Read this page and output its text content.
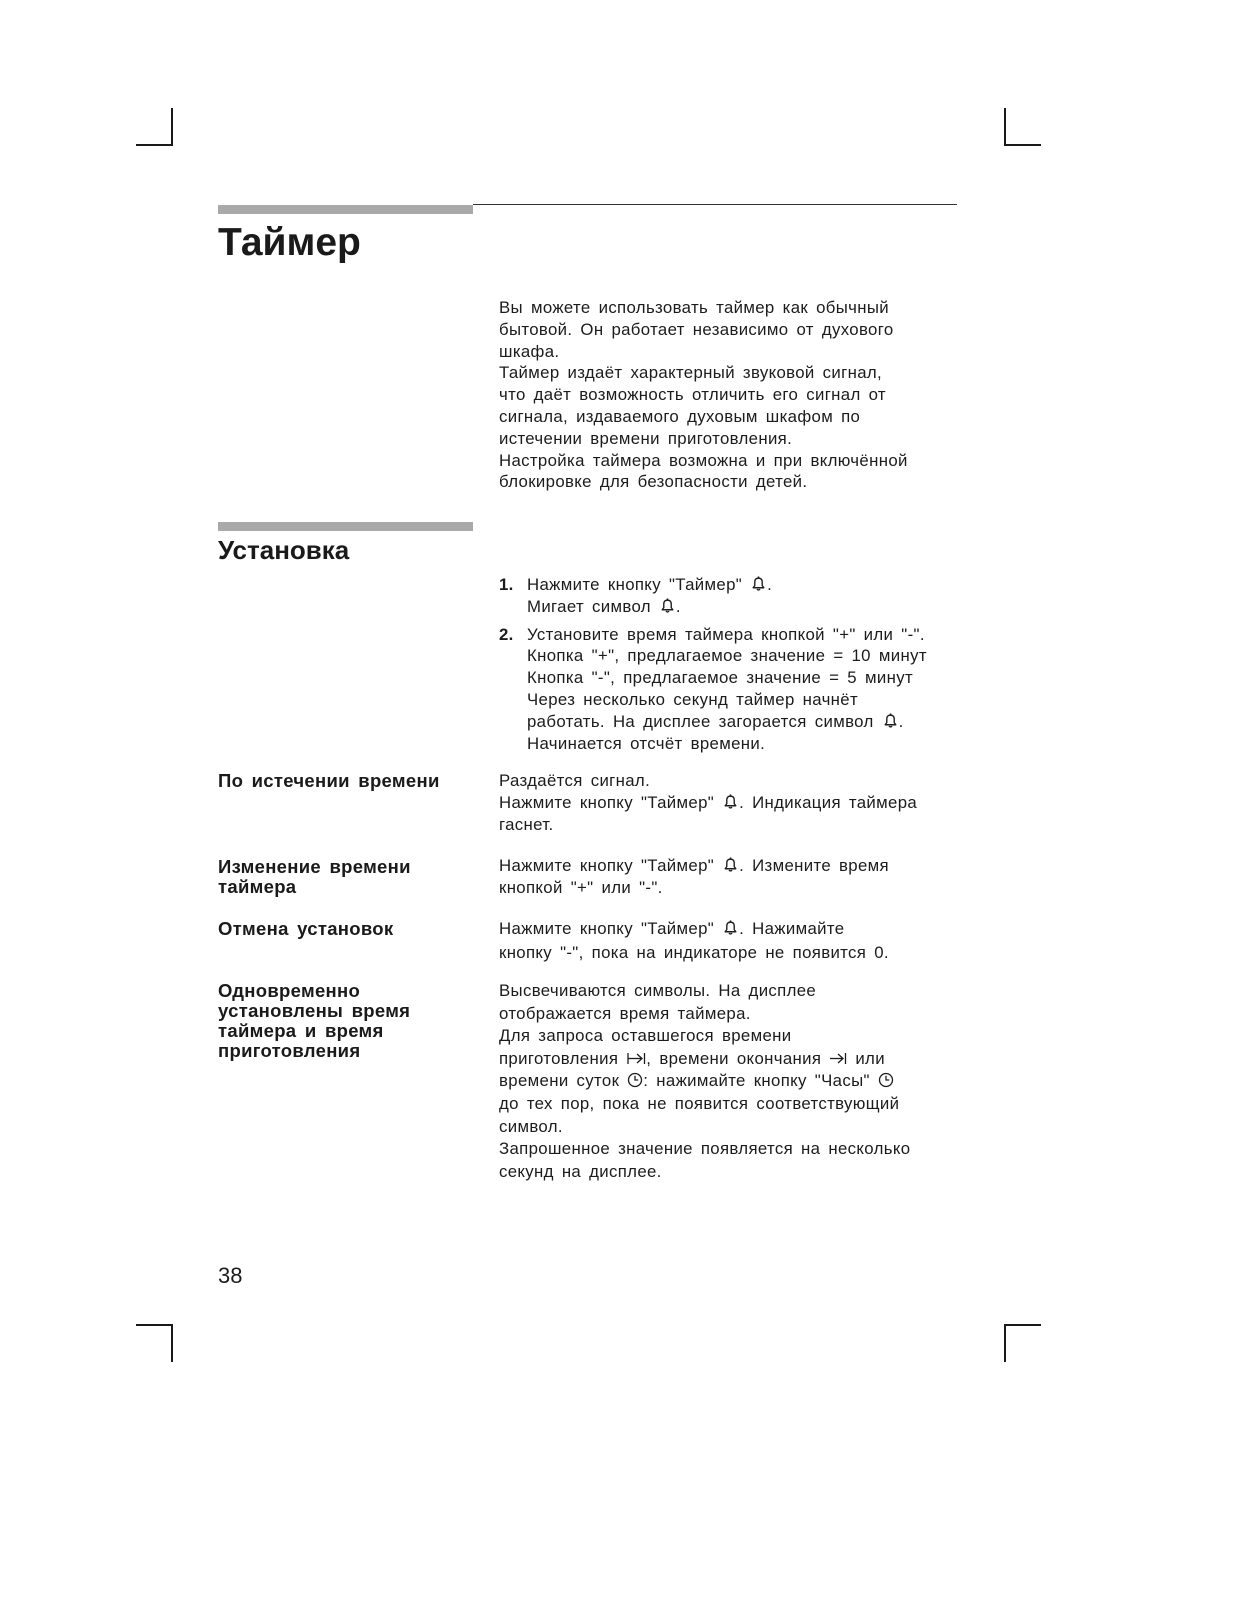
Таймер

Вы можете использовать таймер как обычный

бытовой. Он работает независимо от духового

шкафа.

Таймер издаёт характерный звуковой сигнал,

что даёт возможность отличить его сигнал от

сигнала, издаваемого духовым шкафом по

истечении времени приготовления.

Настройка таймера возможна и при включённой

блокировке для безопасности детей.

Установка
1. Нажмите кнопку "Таймер" .

Мигает символ .

2. Установите время таймера кнопкой "+" или "-".

Кнопка "+", предлагаемое значение = 10 минут

Кнопка "-", предлагаемое значение = 5 минут

Через несколько секунд таймер начнёт

работать. На дисплее загорается символ .

Начинается отсчёт времени.

По истечении времени	Раздаётся сигнал.

Нажмите кнопку "Таймер" . Индикация таймера

гаснет.

Изменение времени
таймера

Нажмите кнопку "Таймер" . Измените время

кнопкой "+" или "-".

Отмена установок	Нажмите кнопку "Таймер" . Нажимайте

кнопку "-", пока на индикаторе не появится 0.

Одновременно
установлены время
таймера и время
приготовления

Высвечиваются символы. На дисплее

отображается время таймера.

Для запроса оставшегося времени

приготовления , времени окончания или

времени суток : нажимайте кнопку "Часы"

до тех пор, пока не появится соответствующий

символ.

Запрошенное значение появляется на несколько

секунд на дисплее.

38
